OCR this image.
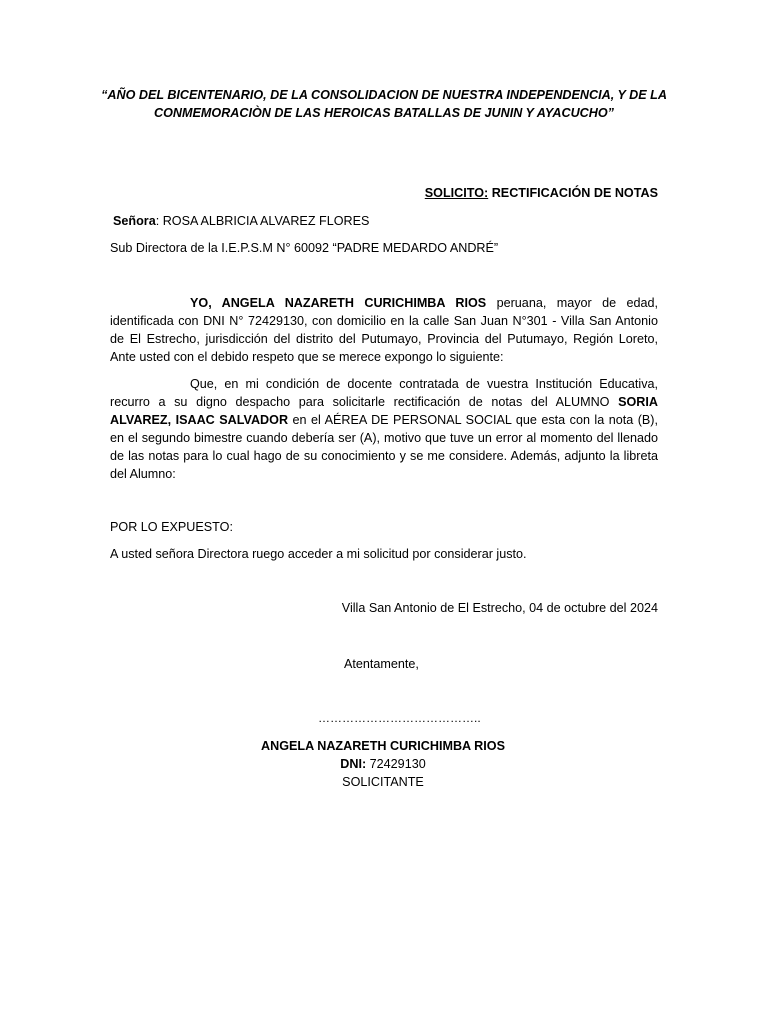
“AÑO DEL BICENTENARIO, DE LA CONSOLIDACION DE NUESTRA INDEPENDENCIA, Y DE LA
CONMEMORACIÒN DE LAS HEROICAS BATALLAS DE JUNIN Y AYACUCHO”
SOLICITO: RECTIFICACIÓN DE NOTAS
Señora: ROSA ALBRICIA ALVAREZ FLORES
Sub Directora de la I.E.P.S.M N° 60092 “PADRE MEDARDO ANDRÉ”
YO, ANGELA NAZARETH CURICHIMBA RIOS peruana, mayor de edad, identificada con DNI N° 72429130, con domicilio en la calle San Juan N°301 - Villa San Antonio de El Estrecho, jurisdicción del distrito del Putumayo, Provincia del Putumayo, Región Loreto, Ante usted con el debido respeto que se merece expongo lo siguiente:
Que, en mi condición de docente contratada de vuestra Institución Educativa, recurro a su digno despacho para solicitarle rectificación de notas del ALUMNO SORIA ALVAREZ, ISAAC SALVADOR en el AÉREA DE PERSONAL SOCIAL que esta con la nota (B), en el segundo bimestre cuando debería ser (A), motivo que tuve un error al momento del llenado de las notas para lo cual hago de su conocimiento y se me considere. Además, adjunto la libreta del Alumno:
POR LO EXPUESTO:
A usted señora Directora ruego acceder a mi solicitud por considerar justo.
Villa San Antonio de El Estrecho, 04 de octubre del 2024
Atentamente,
…………………………………..
ANGELA NAZARETH CURICHIMBA RIOS
DNI: 72429130
SOLICITANTE
